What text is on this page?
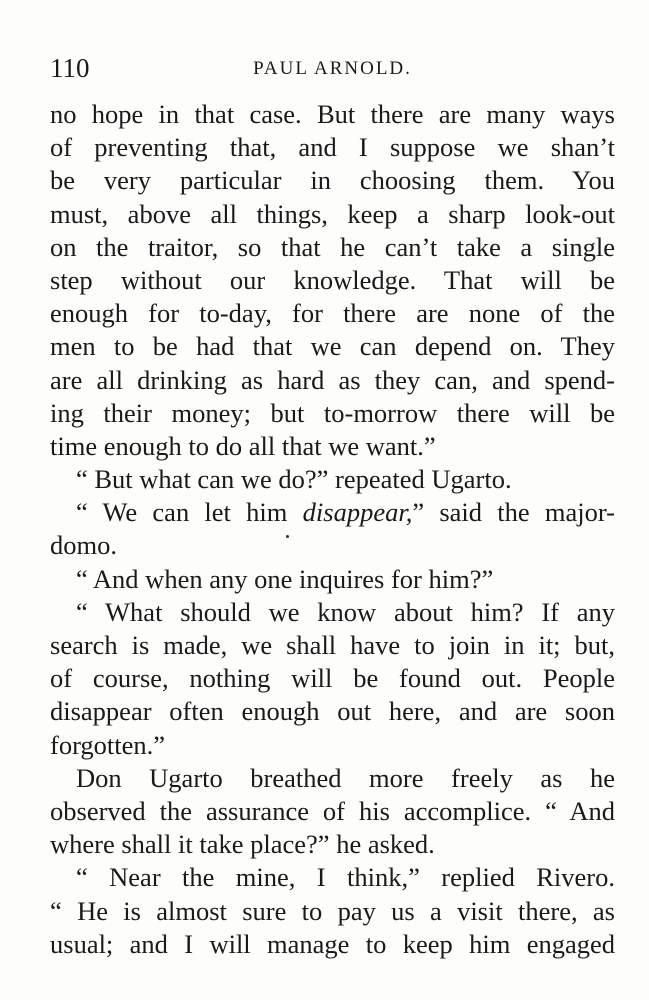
110	PAUL ARNOLD.
no hope in that case. But there are many ways
of preventing that, and I suppose we shan’t
be very particular in choosing them. You
must, above all things, keep a sharp look-out
on the traitor, so that he can’t take a single
step without our knowledge. That will be
enough for to-day, for there are none of the
men to be had that we can depend on. They
are all drinking as hard as they can, and spend-
ing their money; but to-morrow there will be
time enough to do all that we want.”
“ But what can we do?” repeated Ugarto.
“ We can let him disappear,” said the major-
domo.
“ And when any one inquires for him?”
“ What should we know about him? If any
search is made, we shall have to join in it; but,
of course, nothing will be found out. People
disappear often enough out here, and are soon
forgotten.”
Don Ugarto breathed more freely as he
observed the assurance of his accomplice. “ And
where shall it take place?” he asked.
“ Near the mine, I think,” replied Rivero.
“ He is almost sure to pay us a visit there, as
usual; and I will manage to keep him engaged
